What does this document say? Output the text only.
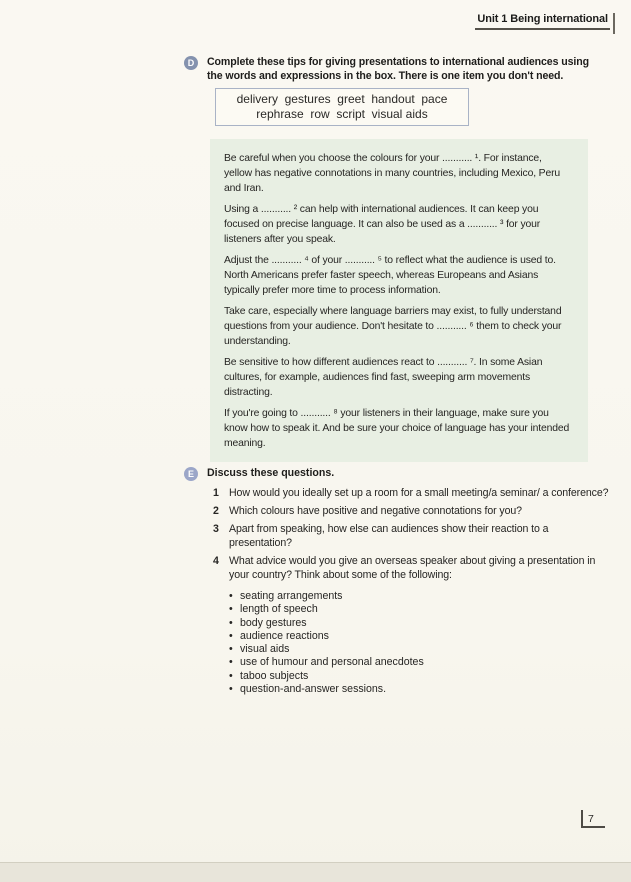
Unit 1 Being international
D	Complete these tips for giving presentations to international audiences using the words and expressions in the box. There is one item you don't need.
delivery  gestures  greet  handout  pace
rephrase  row  script  visual aids

Be careful when you choose the colours for your ........... ¹. For instance, yellow has negative connotations in many countries, including Mexico, Peru and Iran.

Using a ........... ² can help with international audiences. It can keep you focused on precise language. It can also be used as a ........... ³ for your listeners after you speak.

Adjust the ........... ⁴ of your ........... ⁵ to reflect what the audience is used to. North Americans prefer faster speech, whereas Europeans and Asians typically prefer more time to process information.

Take care, especially where language barriers may exist, to fully understand questions from your audience. Don't hesitate to ........... ⁶ them to check your understanding.

Be sensitive to how different audiences react to ........... ⁷. In some Asian cultures, for example, audiences find fast, sweeping arm movements distracting.

If you're going to ........... ⁸ your listeners in their language, make sure you know how to speak it. And be sure your choice of language has your intended meaning.

E	Discuss these questions.
1 How would you ideally set up a room for a small meeting/a seminar/ a conference?
2 Which colours have positive and negative connotations for you?
3 Apart from speaking, how else can audiences show their reaction to a presentation?
4 What advice would you give an overseas speaker about giving a presentation in your country? Think about some of the following:
• seating arrangements
• length of speech
• body gestures
• audience reactions
• visual aids
• use of humour and personal anecdotes
• taboo subjects
• question-and-answer sessions.
7
